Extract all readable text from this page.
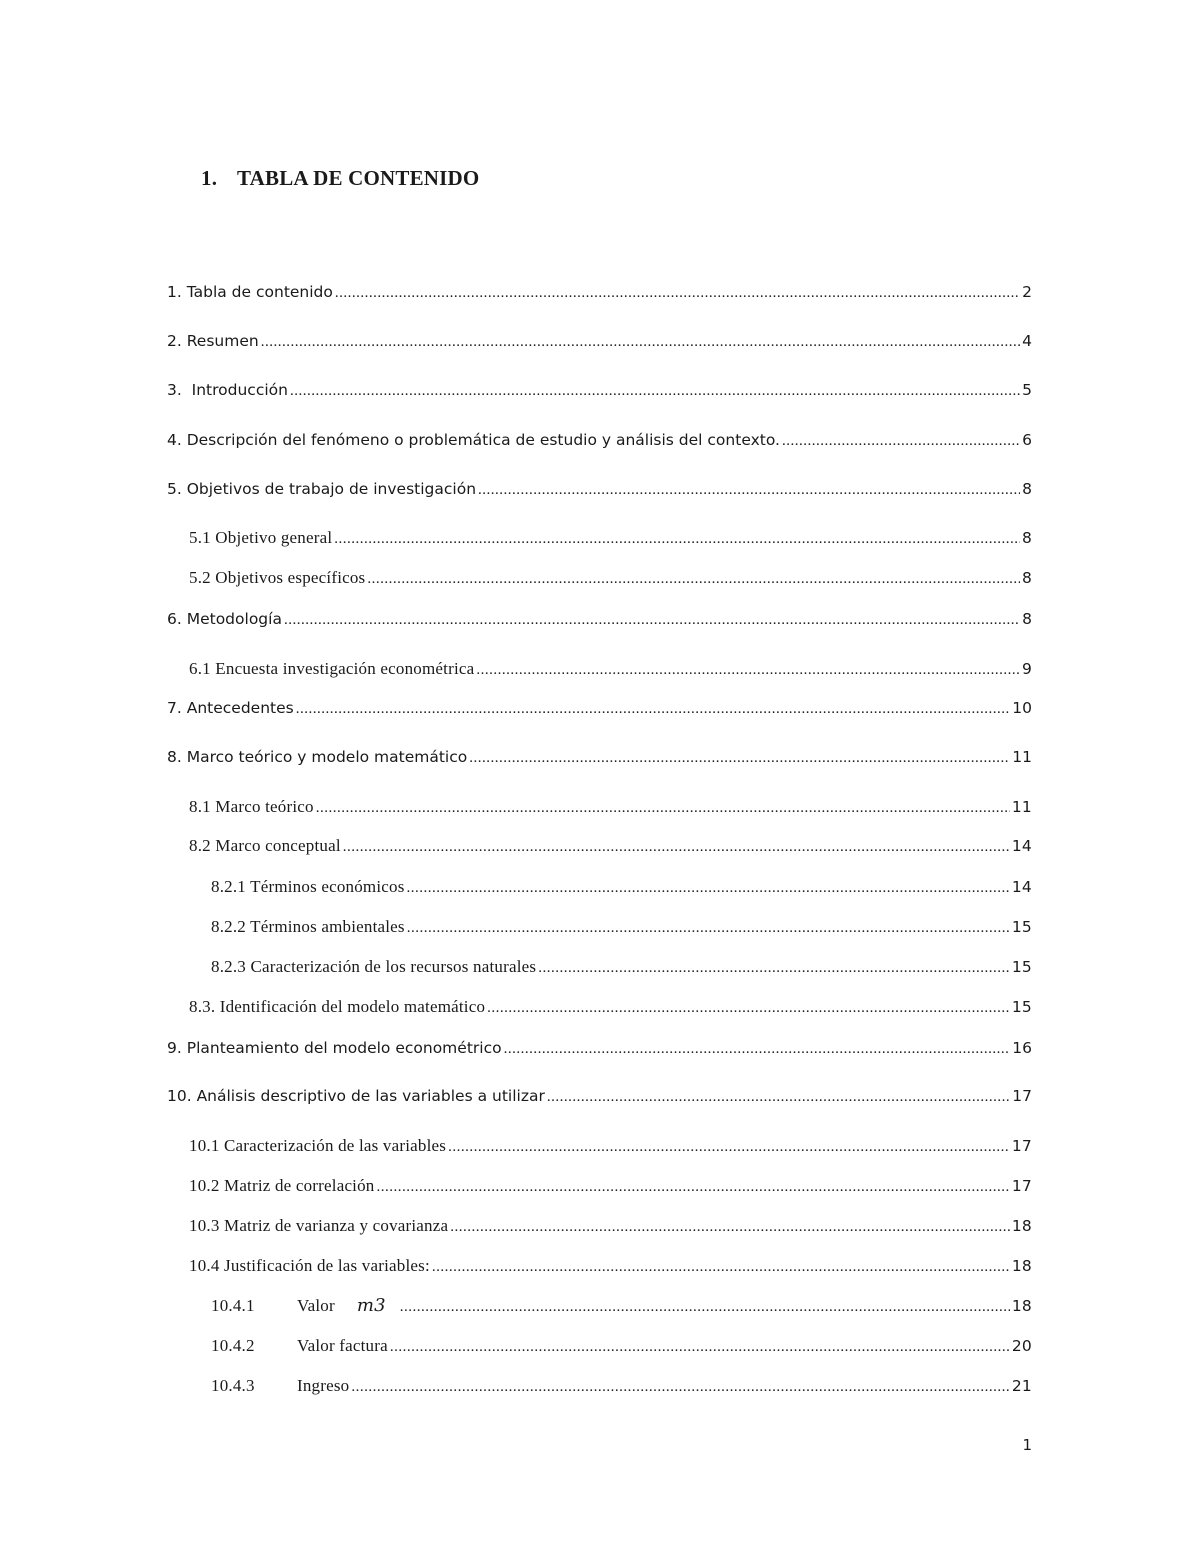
1. TABLA DE CONTENIDO
1. Tabla de contenido .....	2
2. Resumen .....	4
3.  Introducción .....	5
4. Descripción del fenómeno o problemática de estudio y análisis del contexto. .....	6
5. Objetivos de trabajo de investigación .....	8
5.1 Objetivo general .....	8
5.2 Objetivos específicos .....	8
6. Metodología .....	8
6.1 Encuesta investigación econométrica .....	9
7. Antecedentes .....	10
8. Marco teórico y modelo matemático .....	11
8.1 Marco teórico .....	11
8.2 Marco conceptual .....	14
8.2.1 Términos económicos .....	14
8.2.2 Términos ambientales .....	15
8.2.3 Caracterización de los recursos naturales .....	15
8.3. Identificación del modelo matemático .....	15
9. Planteamiento del modelo econométrico .....	16
10. Análisis descriptivo de las variables a utilizar .....	17
10.1 Caracterización de las variables .....	17
10.2 Matriz de correlación .....	17
10.3 Matriz de varianza y covarianza .....	18
10.4 Justificación de las variables: .....	18
10.4.1 Valor m3 .....	18
10.4.2 Valor factura .....	20
10.4.3 Ingreso .....	21
1
